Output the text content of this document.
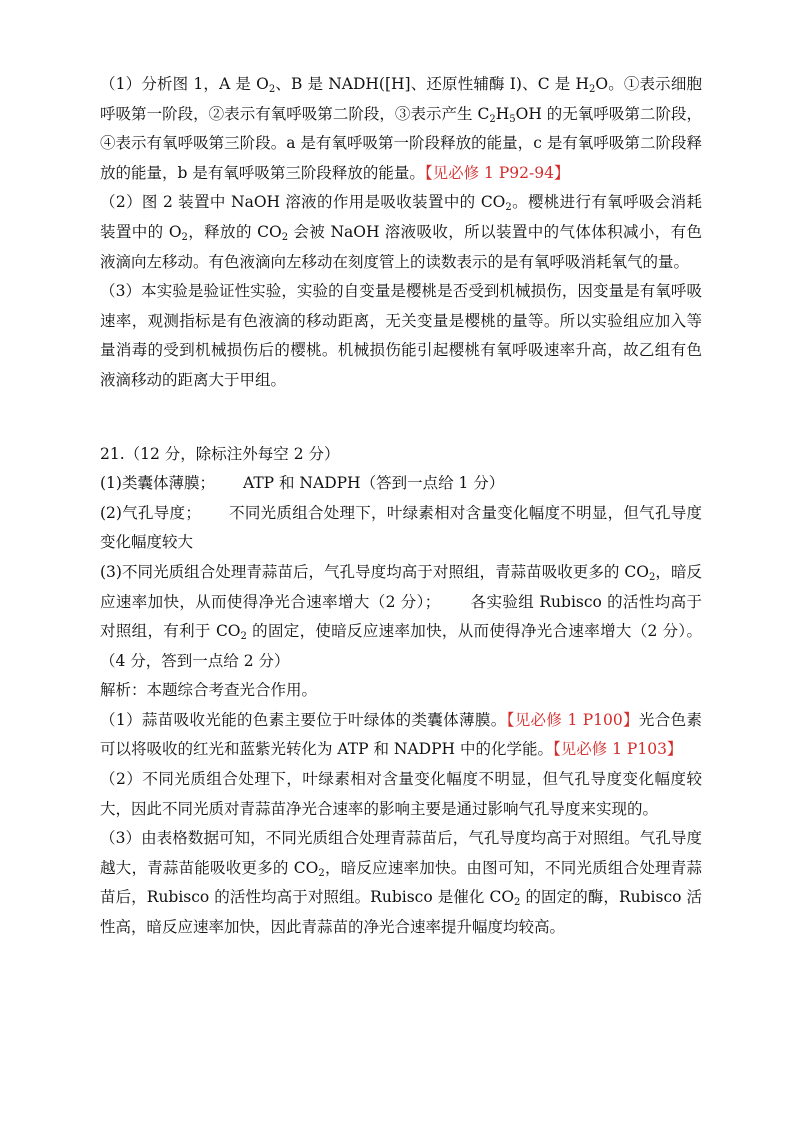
（1）分析图 1，A 是 $O_2$、B 是 NADH([H]、还原性辅酶 I)、C 是 $H_2O$。①表示细胞呼吸第一阶段，②表示有氧呼吸第二阶段，③表示产生 $C_2H_5OH$ 的无氧呼吸第二阶段，④表示有氧呼吸第三阶段。a 是有氧呼吸第一阶段释放的能量，c 是有氧呼吸第二阶段释放的能量，b 是有氧呼吸第三阶段释放的能量。【见必修 1 P92-94】

（2）图 2 装置中 NaOH 溶液的作用是吸收装置中的 $CO_2$。樱桃进行有氧呼吸会消耗装置中的 $O_2$，释放的 $CO_2$ 会被 NaOH 溶液吸收，所以装置中的气体体积减小，有色液滴向左移动。有色液滴向左移动在刻度管上的读数表示的是有氧呼吸消耗氧气的量。

（3）本实验是验证性实验，实验的自变量是樱桃是否受到机械损伤，因变量是有氧呼吸速率，观测指标是有色液滴的移动距离，无关变量是樱桃的量等。所以实验组应加入等量消毒的受到机械损伤后的樱桃。机械损伤能引起樱桃有氧呼吸速率升高，故乙组有色液滴移动的距离大于甲组。

21.（12 分，除标注外每空 2 分）

(1)类囊体薄膜； ATP 和 NADPH（答到一点给 1 分）

(2)气孔导度； 不同光质组合处理下，叶绿素相对含量变化幅度不明显，但气孔导度变化幅度较大

(3)不同光质组合处理青蒜苗后，气孔导度均高于对照组，青蒜苗吸收更多的 $CO_2$，暗反应速率加快，从而使得净光合速率增大（2 分）； 各实验组 Rubisco 的活性均高于对照组，有利于 $CO_2$ 的固定，使暗反应速率加快，从而使得净光合速率增大（2 分）。（4 分，答到一点给 2 分）

解析：本题综合考查光合作用。

（1）蒜苗吸收光能的色素主要位于叶绿体的类囊体薄膜。【见必修 1 P100】光合色素可以将吸收的红光和蓝紫光转化为 ATP 和 NADPH 中的化学能。【见必修 1 P103】

（2）不同光质组合处理下，叶绿素相对含量变化幅度不明显，但气孔导度变化幅度较大，因此不同光质对青蒜苗净光合速率的影响主要是通过影响气孔导度来实现的。

（3）由表格数据可知，不同光质组合处理青蒜苗后，气孔导度均高于对照组。气孔导度越大，青蒜苗能吸收更多的 $CO_2$，暗反应速率加快。由图可知，不同光质组合处理青蒜苗后，Rubisco 的活性均高于对照组。Rubisco 是催化 $CO_2$ 的固定的酶，Rubisco 活性高，暗反应速率加快，因此青蒜苗的净光合速率提升幅度均较高。
